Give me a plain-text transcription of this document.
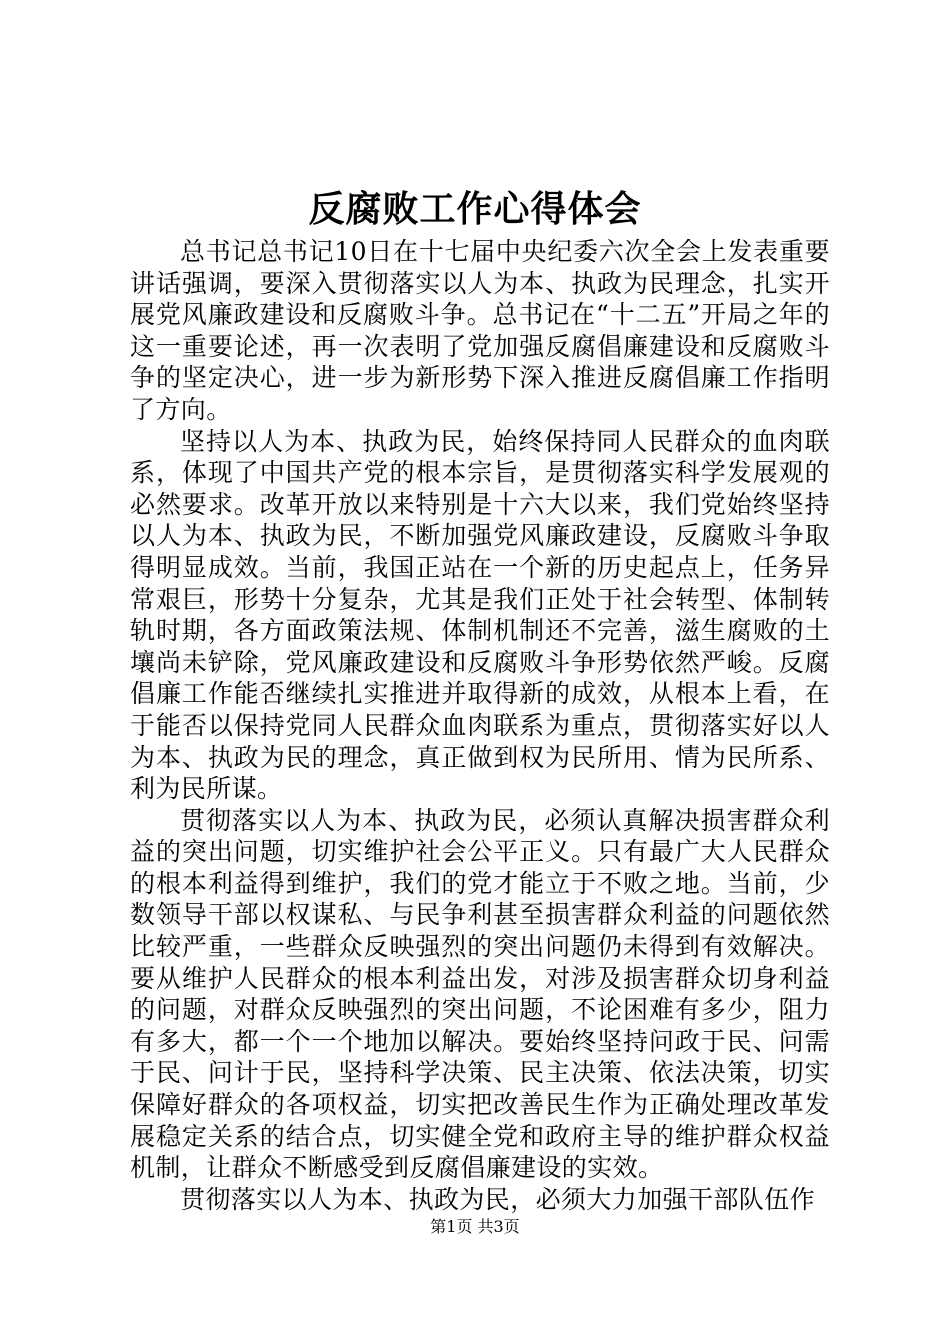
反腐败工作心得体会

总书记总书记10日在十七届中央纪委六次全会上发表重要讲话强调，要深入贯彻落实以人为本、执政为民理念，扎实开展党风廉政建设和反腐败斗争。总书记在“十二五”开局之年的这一重要论述，再一次表明了党加强反腐倡廉建设和反腐败斗争的坚定决心，进一步为新形势下深入推进反腐倡廉工作指明了方向。

坚持以人为本、执政为民，始终保持同人民群众的血肉联系，体现了中国共产党的根本宗旨，是贯彻落实科学发展观的必然要求。改革开放以来特别是十六大以来，我们党始终坚持以人为本、执政为民，不断加强党风廉政建设，反腐败斗争取得明显成效。当前，我国正站在一个新的历史起点上，任务异常艰巨，形势十分复杂，尤其是我们正处于社会转型、体制转轨时期，各方面政策法规、体制机制还不完善，滋生腐败的土壤尚未铲除，党风廉政建设和反腐败斗争形势依然严峻。反腐倡廉工作能否继续扎实推进并取得新的成效，从根本上看，在于能否以保持党同人民群众血肉联系为重点，贯彻落实好以人为本、执政为民的理念，真正做到权为民所用、情为民所系、利为民所谋。

贯彻落实以人为本、执政为民，必须认真解决损害群众利益的突出问题，切实维护社会公平正义。只有最广大人民群众的根本利益得到维护，我们的党才能立于不败之地。当前，少数领导干部以权谋私、与民争利甚至损害群众利益的问题依然比较严重，一些群众反映强烈的突出问题仍未得到有效解决。要从维护人民群众的根本利益出发，对涉及损害群众切身利益的问题，对群众反映强烈的突出问题，不论困难有多少，阻力有多大，都一个一个地加以解决。要始终坚持问政于民、问需于民、问计于民，坚持科学决策、民主决策、依法决策，切实保障好群众的各项权益，切实把改善民生作为正确处理改革发展稳定关系的结合点，切实健全党和政府主导的维护群众权益机制，让群众不断感受到反腐倡廉建设的实效。

贯彻落实以人为本、执政为民，必须大力加强干部队伍作

第1页 共3页
